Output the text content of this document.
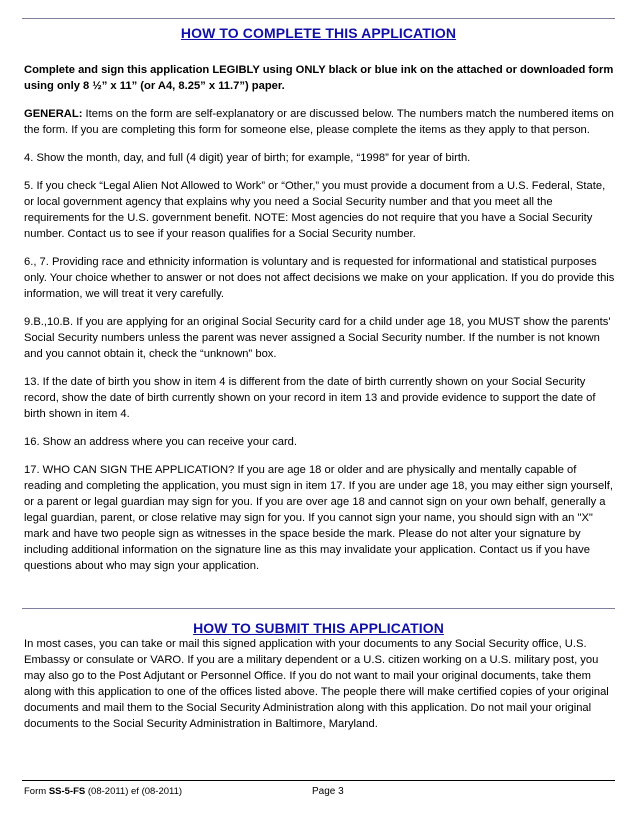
HOW TO COMPLETE THIS APPLICATION

Complete and sign this application LEGIBLY using ONLY black or blue ink on the attached or downloaded form using only 8 ½” x 11” (or A4, 8.25” x 11.7”) paper.

GENERAL: Items on the form are self-explanatory or are discussed below. The numbers match the numbered items on the form. If you are completing this form for someone else, please complete the items as they apply to that person.

4. Show the month, day, and full (4 digit) year of birth; for example, “1998” for year of birth.

5. If you check “Legal Alien Not Allowed to Work” or “Other,” you must provide a document from a U.S. Federal, State, or local government agency that explains why you need a Social Security number and that you meet all the requirements for the U.S. government benefit. NOTE: Most agencies do not require that you have a Social Security number. Contact us to see if your reason qualifies for a Social Security number.

6., 7. Providing race and ethnicity information is voluntary and is requested for informational and statistical purposes only. Your choice whether to answer or not does not affect decisions we make on your application. If you do provide this information, we will treat it very carefully.

9.B.,10.B. If you are applying for an original Social Security card for a child under age 18, you MUST show the parents' Social Security numbers unless the parent was never assigned a Social Security number. If the number is not known and you cannot obtain it, check the “unknown” box.

13. If the date of birth you show in item 4 is different from the date of birth currently shown on your Social Security record, show the date of birth currently shown on your record in item 13 and provide evidence to support the date of birth shown in item 4.

16. Show an address where you can receive your card.

17. WHO CAN SIGN THE APPLICATION? If you are age 18 or older and are physically and mentally capable of reading and completing the application, you must sign in item 17. If you are under age 18, you may either sign yourself, or a parent or legal guardian may sign for you. If you are over age 18 and cannot sign on your own behalf, generally a legal guardian, parent, or close relative may sign for you. If you cannot sign your name, you should sign with an "X" mark and have two people sign as witnesses in the space beside the mark. Please do not alter your signature by including additional information on the signature line as this may invalidate your application. Contact us if you have questions about who may sign your application.

HOW TO SUBMIT THIS APPLICATION

In most cases, you can take or mail this signed application with your documents to any Social Security office, U.S. Embassy or consulate or VARO. If you are a military dependent or a U.S. citizen working on a U.S. military post, you may also go to the Post Adjutant or Personnel Office. If you do not want to mail your original documents, take them along with this application to one of the offices listed above. The people there will make certified copies of your original documents and mail them to the Social Security Administration along with this application. Do not mail your original documents to the Social Security Administration in Baltimore, Maryland.

Form SS-5-FS (08-2011) ef (08-2011)	Page 3
